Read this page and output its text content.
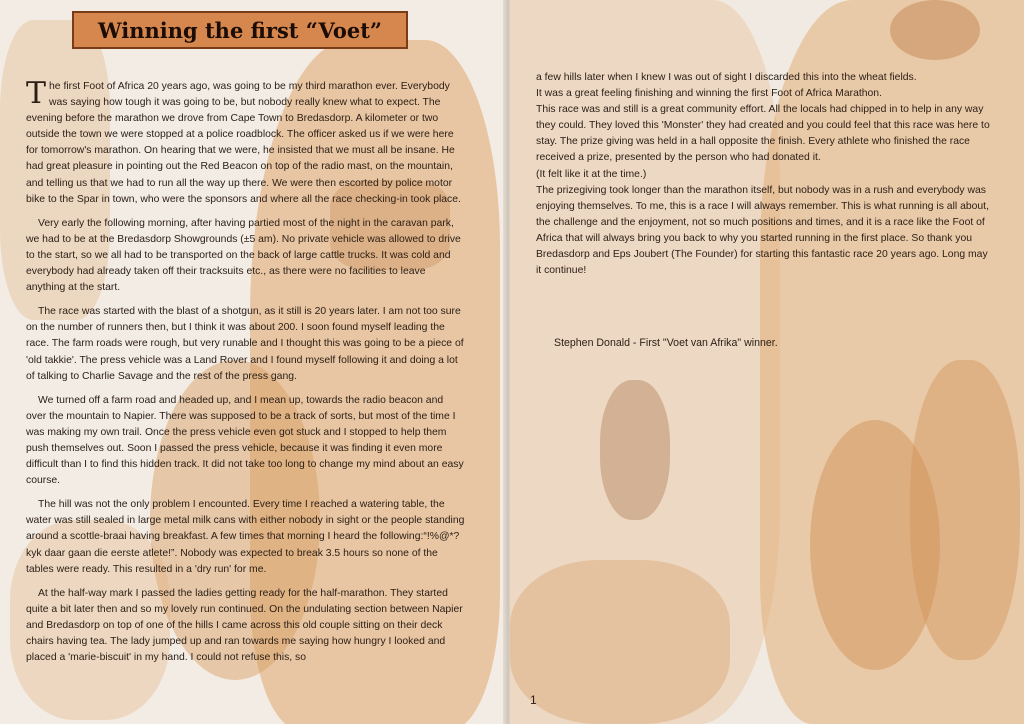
Winning the first “Voet”

The first Foot of Africa 20 years ago, was going to be my third marathon ever. Everybody was saying how tough it was going to be, but nobody really knew what to expect. The evening before the marathon we drove from Cape Town to Bredasdorp. A kilometer or two outside the town we were stopped at a police roadblock. The officer asked us if we were here for tomorrow's marathon. On hearing that we were, he insisted that we must all be insane. He had great pleasure in pointing out the Red Beacon on top of the radio mast, on the mountain, and telling us that we had to run all the way up there. We were then escorted by police motor bike to the Spar in town, who were the sponsors and where all the race checking-in took place.

Very early the following morning, after having partied most of the night in the caravan park, we had to be at the Bredasdorp Showgrounds (±5 am). No private vehicle was allowed to drive to the start, so we all had to be transported on the back of large cattle trucks. It was cold and everybody had already taken off their tracksuits etc., as there were no facilities to leave anything at the start.

The race was started with the blast of a shotgun, as it still is 20 years later. I am not too sure on the number of runners then, but I think it was about 200. I soon found myself leading the race. The farm roads were rough, but very runable and I thought this was going to be a piece of 'old takkie'. The press vehicle was a Land Rover and I found myself following it and doing a lot of talking to Charlie Savage and the rest of the press gang.

We turned off a farm road and headed up, and I mean up, towards the radio beacon and over the mountain to Napier. There was supposed to be a track of sorts, but most of the time I was making my own trail. Once the press vehicle even got stuck and I stopped to help them push themselves out. Soon I passed the press vehicle, because it was finding it even more difficult than I to find this hidden track. It did not take too long to change my mind about an easy course.

The hill was not the only problem I encounted. Every time I reached a watering table, the water was still sealed in large metal milk cans with either nobody in sight or the people standing around a scottle-braai having breakfast. A few times that morning I heard the following:“!%@*? kyk daar gaan die eerste atlete!”. Nobody was expected to break 3.5 hours so none of the tables were ready. This resulted in a 'dry run' for me.

At the half-way mark I passed the ladies getting ready for the half-marathon. They started quite a bit later then and so my lovely run continued. On the undulating section between Napier and Bredasdorp on top of one of the hills I came across this old couple sitting on their deck chairs having tea. The lady jumped up and ran towards me saying how hungry I looked and placed a 'marie-biscuit' in my hand. I could not refuse this, so

a few hills later when I knew I was out of sight I discarded this into the wheat fields.

It was a great feeling finishing and winning the first Foot of Africa Marathon.

This race was and still is a great community effort. All the locals had chipped in to help in any way they could. They loved this 'Monster' they had created and you could feel that this race was here to stay. The prize giving was held in a hall opposite the finish. Every athlete who finished the race received a prize, presented by the person who had donated it.

(It felt like it at the time.)

The prizegiving took longer than the marathon itself, but nobody was in a rush and everybody was enjoying themselves. To me, this is a race I will always remember. This is what running is all about, the challenge and the enjoyment, not so much positions and times, and it is a race like the Foot of Africa that will always bring you back to why you started running in the first place. So thank you Bredasdorp and Eps Joubert (The Founder) for starting this fantastic race 20 years ago. Long may it continue!

Stephen Donald - First "Voet van Afrika" winner.
1
